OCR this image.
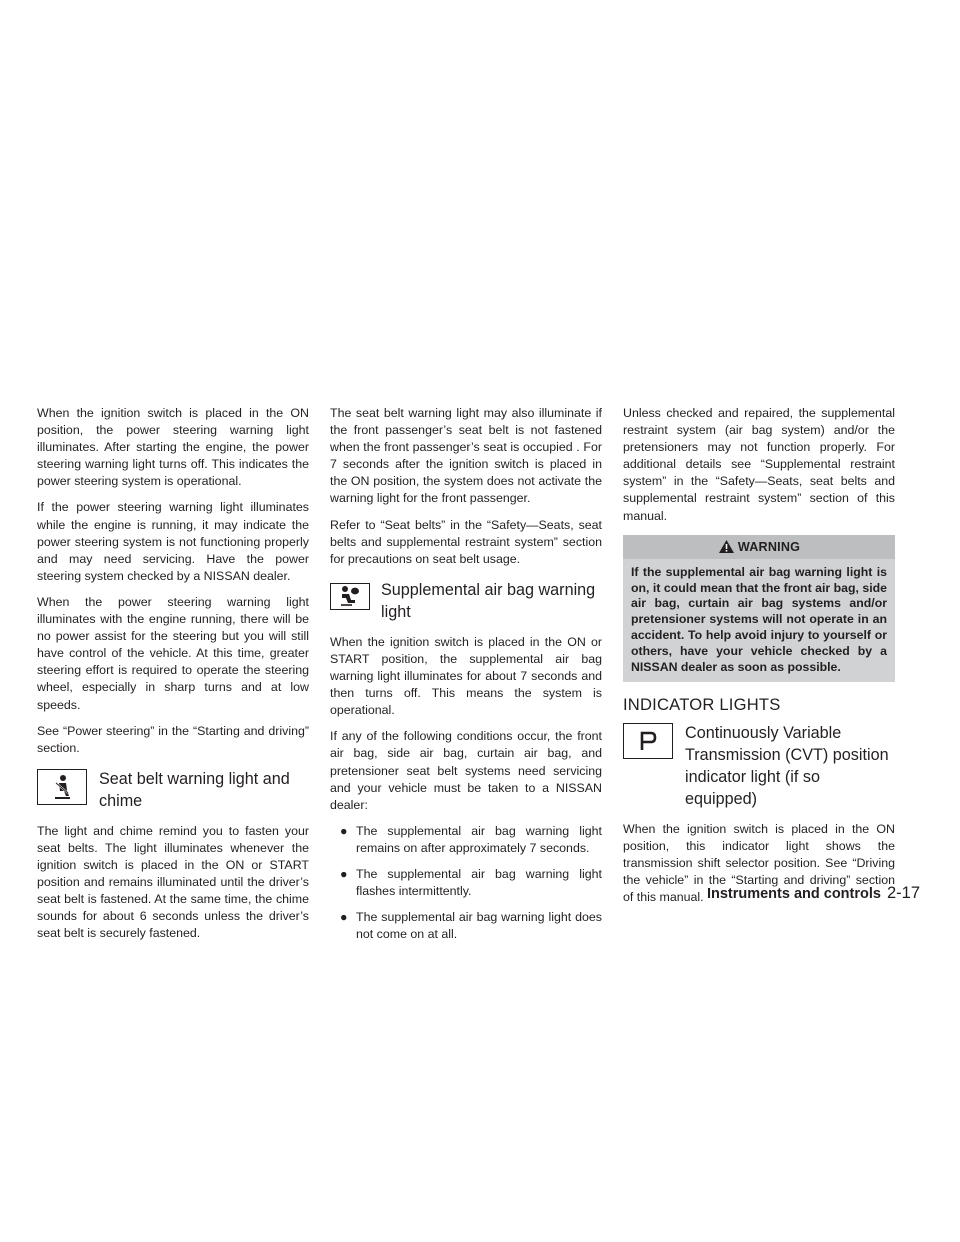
When the ignition switch is placed in the ON position, the power steering warning light illuminates. After starting the engine, the power steering warning light turns off. This indicates the power steering system is operational.

If the power steering warning light illuminates while the engine is running, it may indicate the power steering system is not functioning properly and may need servicing. Have the power steering system checked by a NISSAN dealer.

When the power steering warning light illuminates with the engine running, there will be no power assist for the steering but you will still have control of the vehicle. At this time, greater steering effort is required to operate the steering wheel, especially in sharp turns and at low speeds.

See “Power steering” in the “Starting and driving” section.

Seat belt warning light and chime

The light and chime remind you to fasten your seat belts. The light illuminates whenever the ignition switch is placed in the ON or START position and remains illuminated until the driver’s seat belt is fastened. At the same time, the chime sounds for about 6 seconds unless the driver’s seat belt is securely fastened.

The seat belt warning light may also illuminate if the front passenger’s seat belt is not fastened when the front passenger’s seat is occupied . For 7 seconds after the ignition switch is placed in the ON position, the system does not activate the warning light for the front passenger.

Refer to “Seat belts” in the “Safety—Seats, seat belts and supplemental restraint system” section for precautions on seat belt usage.

Supplemental air bag warning light

When the ignition switch is placed in the ON or START position, the supplemental air bag warning light illuminates for about 7 seconds and then turns off. This means the system is operational.

If any of the following conditions occur, the front air bag, side air bag, curtain air bag, and pretensioner seat belt systems need servicing and your vehicle must be taken to a NISSAN dealer:

● The supplemental air bag warning light remains on after approximately 7 seconds.
● The supplemental air bag warning light flashes intermittently.
● The supplemental air bag warning light does not come on at all.

Unless checked and repaired, the supplemental restraint system (air bag system) and/or the pretensioners may not function properly. For additional details see “Supplemental restraint system” in the “Safety—Seats, seat belts and supplemental restraint system” section of this manual.

WARNING

If the supplemental air bag warning light is on, it could mean that the front air bag, side air bag, curtain air bag systems and/or pretensioner systems will not operate in an accident. To help avoid injury to yourself or others, have your vehicle checked by a NISSAN dealer as soon as possible.

INDICATOR LIGHTS
Continuously Variable Transmission (CVT) position indicator light (if so equipped)

When the ignition switch is placed in the ON position, this indicator light shows the transmission shift selector position. See “Driving the vehicle” in the “Starting and driving” section of this manual. Instruments and controls 2-17
